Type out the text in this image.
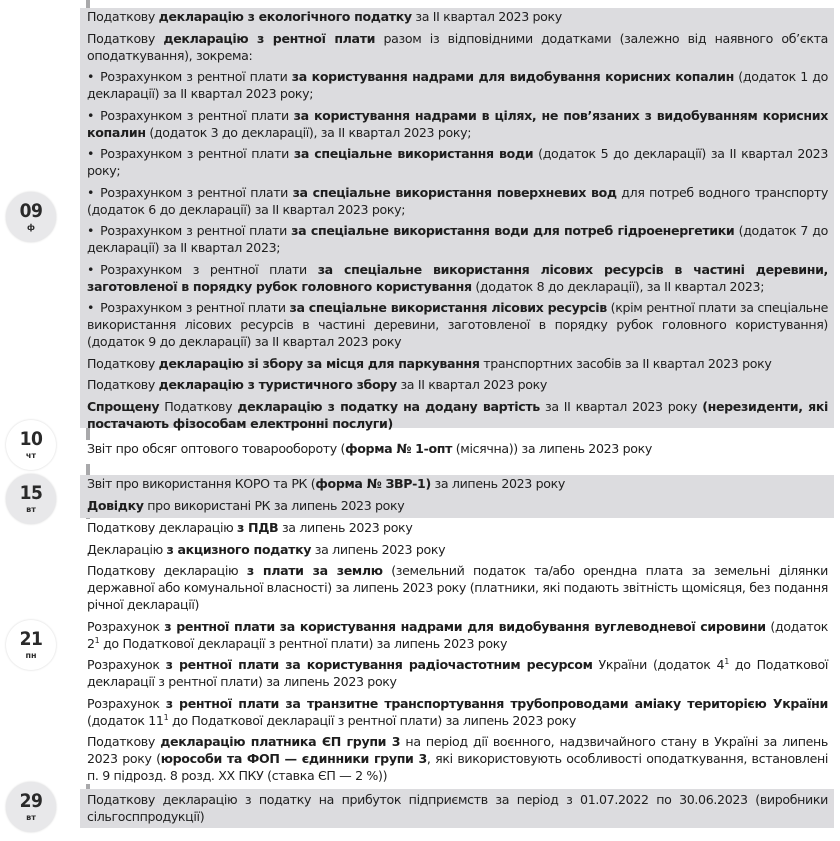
Податкову декларацію з екологічного податку за II квартал 2023 року
Податкову декларацію з рентної плати разом із відповідними додатками (залежно від наявного об’єкта оподаткування), зокрема:
• Розрахунком з рентної плати за користування надрами для видобування корисних копалин (додаток 1 до декларації) за II квартал 2023 року;
• Розрахунком з рентної плати за користування надрами в цілях, не пов’язаних з видобуванням корисних копалин (додаток 3 до декларації), за II квартал 2023 року;
• Розрахунком з рентної плати за спеціальне використання води (додаток 5 до декларації) за II квартал 2023 року;
• Розрахунком з рентної плати за спеціальне використання поверхневих вод для потреб водного транспорту (додаток 6 до декларації) за II квартал 2023 року;
• Розрахунком з рентної плати за спеціальне використання води для потреб гідроенергетики (додаток 7 до декларації) за II квартал 2023;
• Розрахунком з рентної плати за спеціальне використання лісових ресурсів в частині деревини, заготовленої в порядку рубок головного користування (додаток 8 до декларації), за II квартал 2023;
• Розрахунком з рентної плати за спеціальне використання лісових ресурсів (крім рентної плати за спеціальне використання лісових ресурсів в частині деревини, заготовленої в порядку рубок головного користування) (додаток 9 до декларації) за II квартал 2023 року
Податкову декларацію зі збору за місця для паркування транспортних засобів за II квартал 2023 року
Податкову декларацію з туристичного збору за II квартал 2023 року
Спрощену Податкову декларацію з податку на додану вартість за II квартал 2023 року (нерезиденти, які постачають фізособам електронні послуги)
Звіт про обсяг оптового товарообороту (форма № 1-опт (місячна)) за липень 2023 року
Звіт про використання КОРО та РК (форма № ЗВР-1) за липень 2023 року
Довідку про використані РК за липень 2023 року
Податкову декларацію з ПДВ за липень 2023 року
Декларацію з акцизного податку за липень 2023 року
Податкову декларацію з плати за землю (земельний податок та/або орендна плата за земельні ділянки державної або комунальної власності) за липень 2023 року (платники, які подають звітність щомісяця, без подання річної декларації)
Розрахунок з рентної плати за користування надрами для видобування вуглеводневої сировини (додаток $2^1$ до Податкової декларації з рентної плати) за липень 2023 року
Розрахунок з рентної плати за користування радіочастотним ресурсом України (додаток $4^1$ до Податкової декларації з рентної плати) за липень 2023 року
Розрахунок з рентної плати за транзитне транспортування трубопроводами аміаку територією України (додаток $11^1$ до Податкової декларації з рентної плати) за липень 2023 року
Податкову декларацію платника ЄП групи 3 на період дії воєнного, надзвичайного стану в Україні за липень 2023 року (юрособи та ФОП — єдинники групи 3, які використовують особливості оподаткування, встановлені п. 9 підрозд. 8 розд. ХХ ПКУ (ставка ЄП — 2 %))
Податкову декларацію з податку на прибуток підприємств за період з 01.07.2022 по 30.06.2023 (виробники сільгосппродукції)
09
ф
10
чт
15
вт
21
пн
29
вт
